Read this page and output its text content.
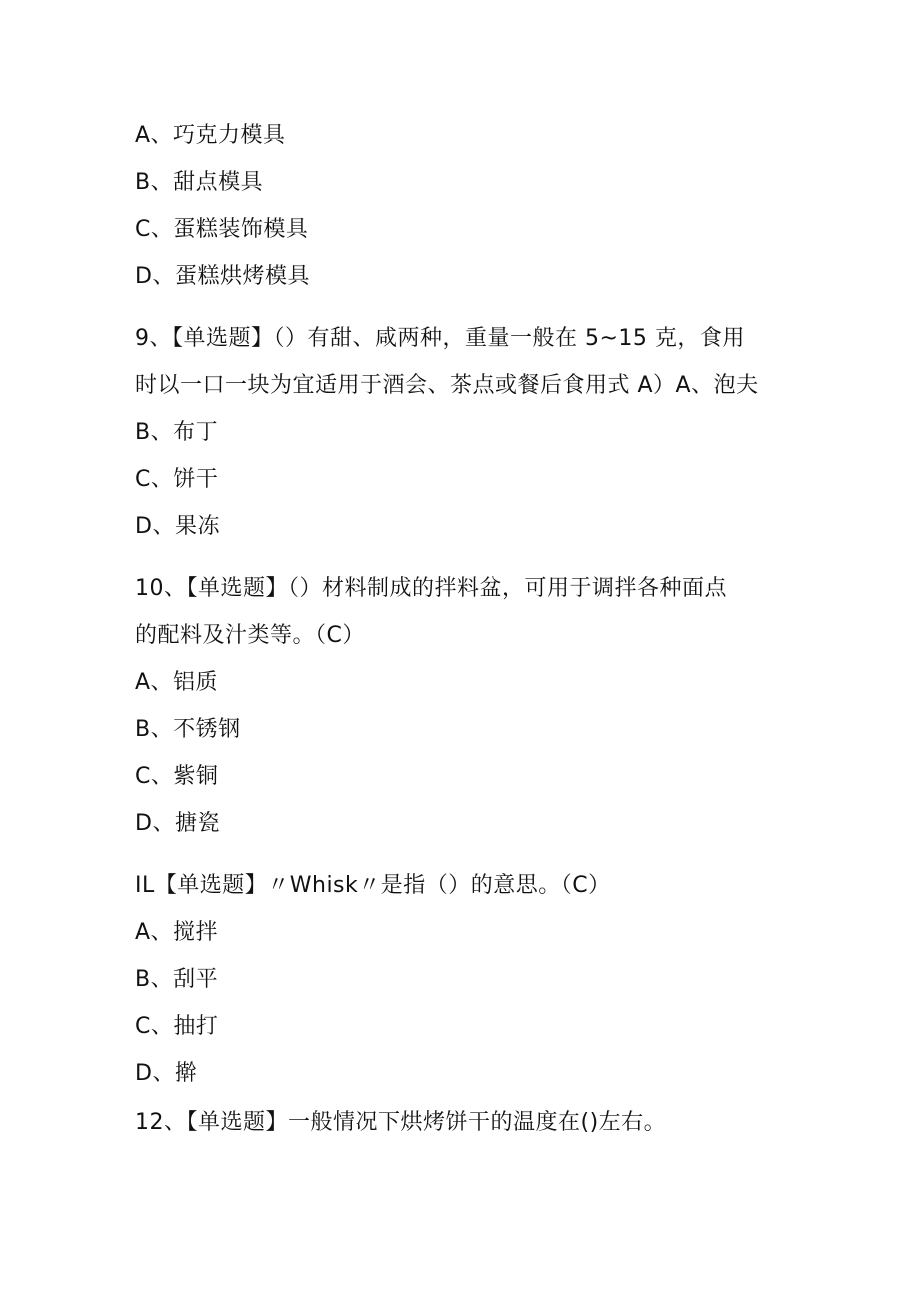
A、巧克力模具
B、甜点模具
C、蛋糕装饰模具
D、蛋糕烘烤模具
9、【单选题】（）有甜、咸两种，重量一般在 5~15 克，食用
时以一口一块为宜适用于酒会、茶点或餐后食用式 A）A、泡夫
B、布丁
C、饼干
D、果冻
10、【单选题】（）材料制成的拌料盆，可用于调拌各种面点
的配料及汁类等。（C）
A、铝质
B、不锈钢
C、紫铜
D、搪瓷
IL【单选题】〃Whisk〃是指（）的意思。（C）
A、搅拌
B、刮平
C、抽打
D、擀
12、【单选题】一般情况下烘烤饼干的温度在()左右。
